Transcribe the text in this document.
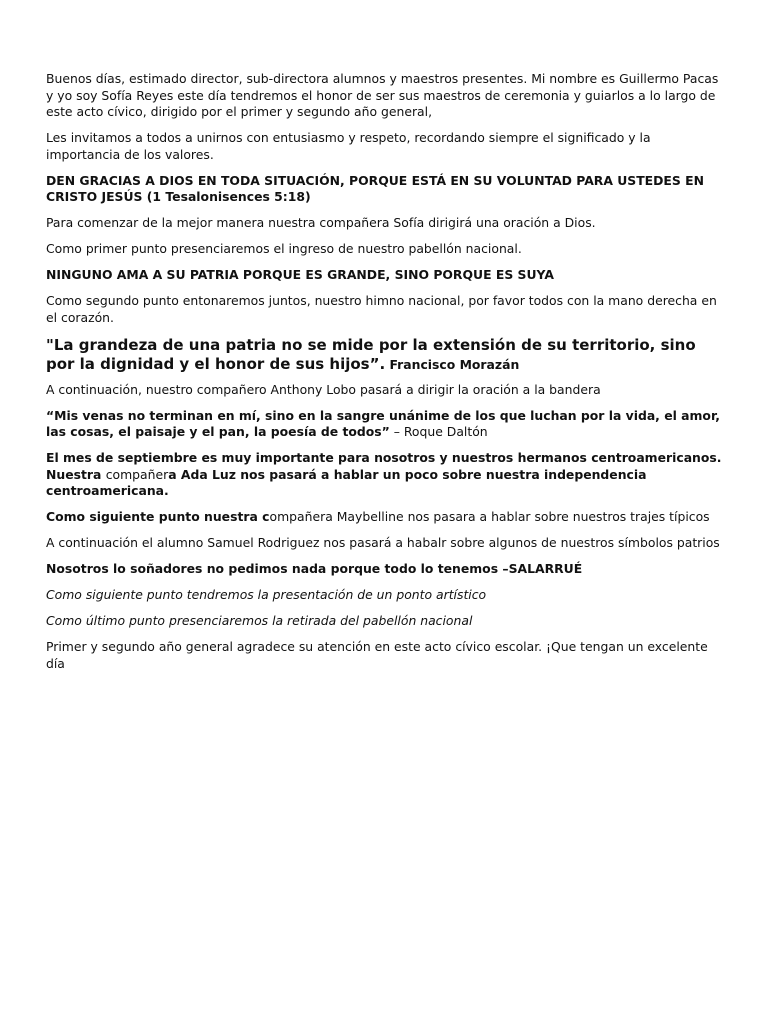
Buenos días, estimado director, sub-directora alumnos y maestros presentes. Mi nombre es Guillermo Pacas y yo soy Sofía Reyes este día tendremos el honor de ser sus maestros de ceremonia y guiarlos a lo largo de este acto cívico, dirigido por el primer y segundo año general,

Les invitamos a todos a unirnos con entusiasmo y respeto, recordando siempre el significado y la importancia de los valores.

DEN GRACIAS A DIOS EN TODA SITUACIÓN, PORQUE ESTÁ EN SU VOLUNTAD PARA USTEDES EN CRISTO JESÚS (1 Tesalonisences 5:18)

Para comenzar de la mejor manera nuestra compañera Sofía dirigirá una oración a Dios.

Como primer punto presenciaremos el ingreso de nuestro pabellón nacional.

NINGUNO AMA A SU PATRIA PORQUE ES GRANDE, SINO PORQUE ES SUYA

Como segundo punto entonaremos juntos, nuestro himno nacional, por favor todos con la mano derecha en el corazón.

"La grandeza de una patria no se mide por la extensión de su territorio, sino por la dignidad y el honor de sus hijos”. Francisco Morazán

A continuación, nuestro compañero Anthony Lobo pasará a dirigir la oración a la bandera

“Mis venas no terminan en mí, sino en la sangre unánime de los que luchan por la vida, el amor, las cosas, el paisaje y el pan, la poesía de todos” – Roque Daltón

El mes de septiembre es muy importante para nosotros y nuestros hermanos centroamericanos. Nuestra compañera Ada Luz nos pasará a hablar un poco sobre nuestra independencia centroamericana.

Como siguiente punto nuestra compañera Maybelline nos pasara a hablar sobre nuestros trajes típicos

A continuación el alumno Samuel Rodriguez nos pasará a habalr sobre algunos de nuestros símbolos patrios

Nosotros lo soñadores no pedimos nada porque todo lo tenemos –SALARRUÉ

Como siguiente punto tendremos la presentación de un ponto artístico

Como último punto presenciaremos la retirada del pabellón nacional

Primer y segundo año general agradece su atención en este acto cívico escolar. ¡Que tengan un excelente día
